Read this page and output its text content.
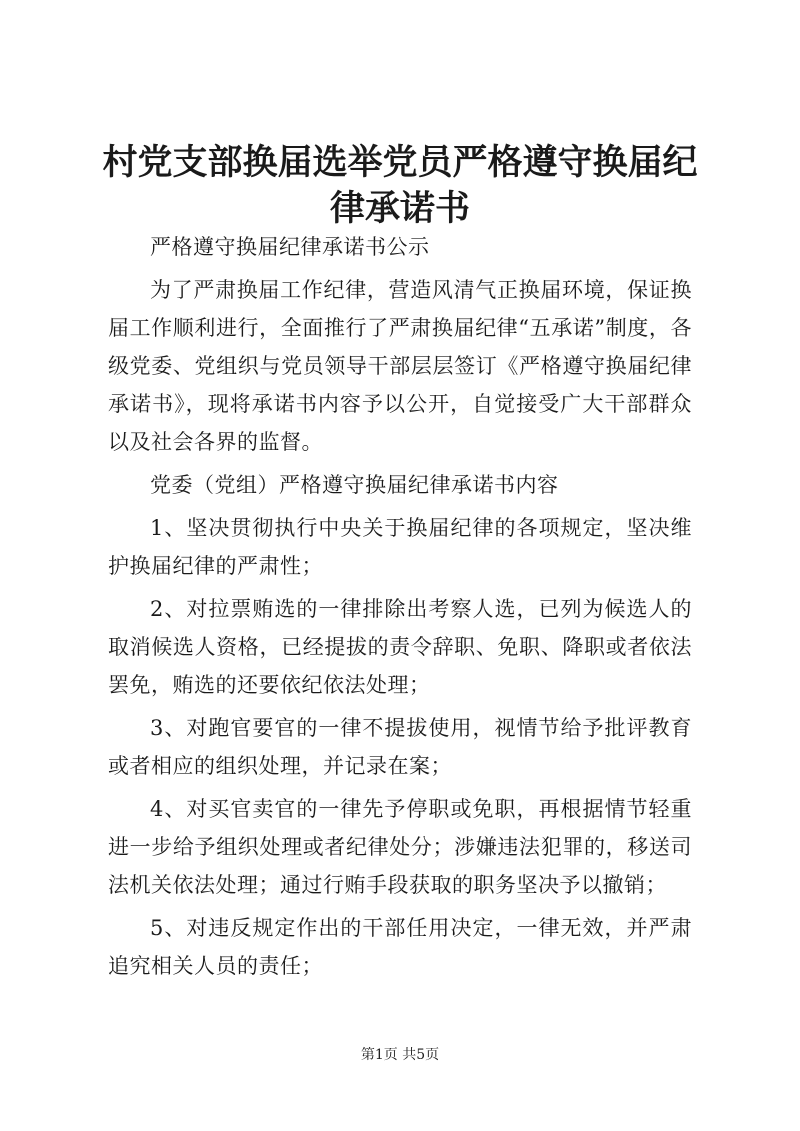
村党支部换届选举党员严格遵守换届纪律承诺书

严格遵守换届纪律承诺书公示

为了严肃换届工作纪律，营造风清气正换届环境，保证换届工作顺利进行，全面推行了严肃换届纪律“五承诺”制度，各级党委、党组织与党员领导干部层层签订《严格遵守换届纪律承诺书》，现将承诺书内容予以公开，自觉接受广大干部群众以及社会各界的监督。

党委（党组）严格遵守换届纪律承诺书内容

1、坚决贯彻执行中央关于换届纪律的各项规定，坚决维护换届纪律的严肃性；

2、对拉票贿选的一律排除出考察人选，已列为候选人的取消候选人资格，已经提拔的责令辞职、免职、降职或者依法罢免，贿选的还要依纪依法处理；

3、对跑官要官的一律不提拔使用，视情节给予批评教育或者相应的组织处理，并记录在案；

4、对买官卖官的一律先予停职或免职，再根据情节轻重进一步给予组织处理或者纪律处分；涉嫌违法犯罪的，移送司法机关依法处理；通过行贿手段获取的职务坚决予以撤销；

5、对违反规定作出的干部任用决定，一律无效，并严肃追究相关人员的责任；

第1页 共5页
